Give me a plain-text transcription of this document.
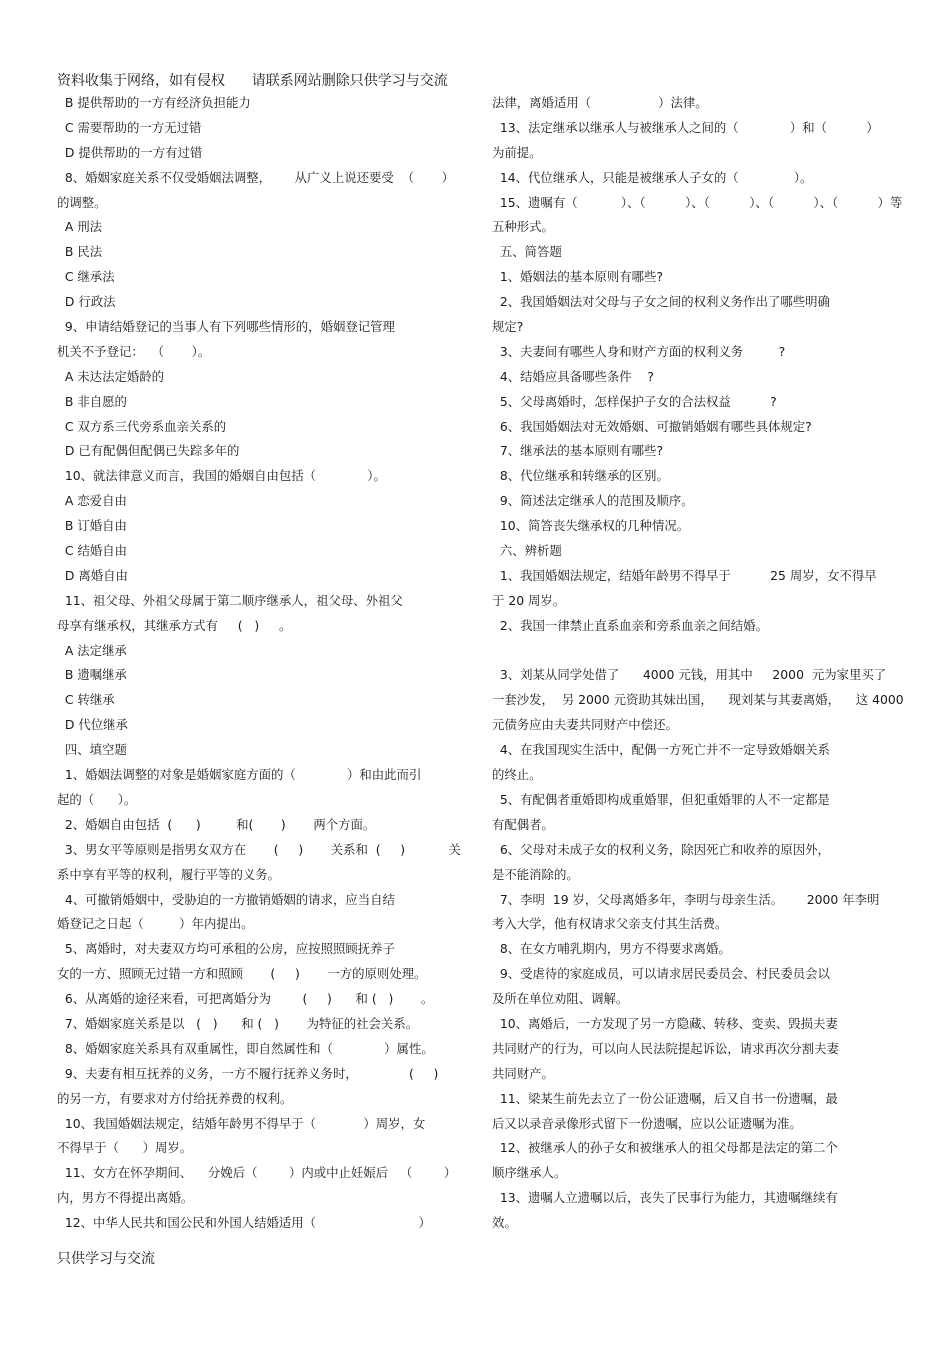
资料收集于网络，如有侵权      请联系网站删除只供学习与交流
B 提供帮助的一方有经济负担能力
C 需要帮助的一方无过错
D 提供帮助的一方有过错
8、婚姻家庭关系不仅受婚姻法调整，      从广义上说还要受  （       ）
的调整。
A 刑法
B 民法
C 继承法
D 行政法
9、申请结婚登记的当事人有下列哪些情形的，婚姻登记管理
机关不予登记：  （       ）。
A 未达法定婚龄的
B 非自愿的
C 双方系三代旁系血亲关系的
D 已有配偶但配偶已失踪多年的
10、就法律意义而言，我国的婚姻自由包括（             ）。
A 恋爱自由
B 订婚自由
C 结婚自由
D 离婚自由
11、祖父母、外祖父母属于第二顺序继承人，祖父母、外祖父
母享有继承权，其继承方式有     (   )     。
A 法定继承
B 遗嘱继承
C 转继承
D 代位继承
四、填空题
1、婚姻法调整的对象是婚姻家庭方面的（             ）和由此而引
起的（      ）。
2、婚姻自由包括  (      )         和(       )       两个方面。
3、男女平等原则是指男女双方在       (     )       关系和  (     )           关
系中享有平等的权利，履行平等的义务。
4、可撤销婚姻中，受胁迫的一方撤销婚姻的请求，应当自结
婚登记之日起（         ）年内提出。
5、离婚时，对夫妻双方均可承租的公房，应按照照顾抚养子
女的一方、照顾无过错一方和照顾       (     )       一方的原则处理。
6、从离婚的途径来看，可把离婚分为        (     )      和 (   )       。
7、婚姻家庭关系是以   (   )      和 (   )       为特征的社会关系。
8、婚姻家庭关系具有双重属性，即自然属性和（             ）属性。
9、夫妻有相互抚养的义务，一方不履行抚养义务时，             (     )
的另一方，有要求对方付给抚养费的权利。
10、我国婚姻法规定，结婚年龄男不得早于（            ）周岁，女
不得早于（      ）周岁。
11、女方在怀孕期间、    分娩后（        ）内或中止妊娠后   （        ）
内，男方不得提出离婚。
12、中华人民共和国公民和外国人结婚适用（                          ）
法律，离婚适用（                 ）法律。
13、法定继承以继承人与被继承人之间的（             ）和（          ）
为前提。
14、代位继承人，只能是被继承人子女的（              ）。
15、遗嘱有（           ）、（          ）、（          ）、（          ）、（          ）等
五种形式。
五、简答题
1、婚姻法的基本原则有哪些?
2、我国婚姻法对父母与子女之间的权利义务作出了哪些明确
规定?
3、夫妻间有哪些人身和财产方面的权利义务         ?
4、结婚应具备哪些条件    ?
5、父母离婚时，怎样保护子女的合法权益          ?
6、我国婚姻法对无效婚姻、可撤销婚姻有哪些具体规定?
7、继承法的基本原则有哪些?
8、代位继承和转继承的区别。
9、简述法定继承人的范围及顺序。
10、简答丧失继承权的几种情况。
六、辨析题
1、我国婚姻法规定，结婚年龄男不得早于          25 周岁，女不得早
于 20 周岁。
2、我国一律禁止直系血亲和旁系血亲之间结婚。
3、刘某从同学处借了      4000 元钱，用其中     2000  元为家里买了
一套沙发，  另 2000 元资助其妹出国，    现刘某与其妻离婚，    这 4000
元债务应由夫妻共同财产中偿还。
4、在我国现实生活中，配偶一方死亡并不一定导致婚姻关系
的终止。
5、有配偶者重婚即构成重婚罪，但犯重婚罪的人不一定都是
有配偶者。
6、父母对未成子女的权利义务，除因死亡和收养的原因外，
是不能消除的。
7、李明  19 岁，父母离婚多年，李明与母亲生活。      2000 年李明
考入大学，他有权请求父亲支付其生活费。
8、在女方哺乳期内，男方不得要求离婚。
9、受虐待的家庭成员，可以请求居民委员会、村民委员会以
及所在单位劝阻、调解。
10、离婚后，一方发现了另一方隐藏、转移、变卖、毁损夫妻
共同财产的行为，可以向人民法院提起诉讼，请求再次分割夫妻
共同财产。
11、梁某生前先去立了一份公证遗嘱，后又自书一份遗嘱，最
后又以录音录像形式留下一份遗嘱，应以公证遗嘱为准。
12、被继承人的孙子女和被继承人的祖父母都是法定的第二个
顺序继承人。
13、遗嘱人立遗嘱以后，丧失了民事行为能力，其遗嘱继续有
效。
只供学习与交流
